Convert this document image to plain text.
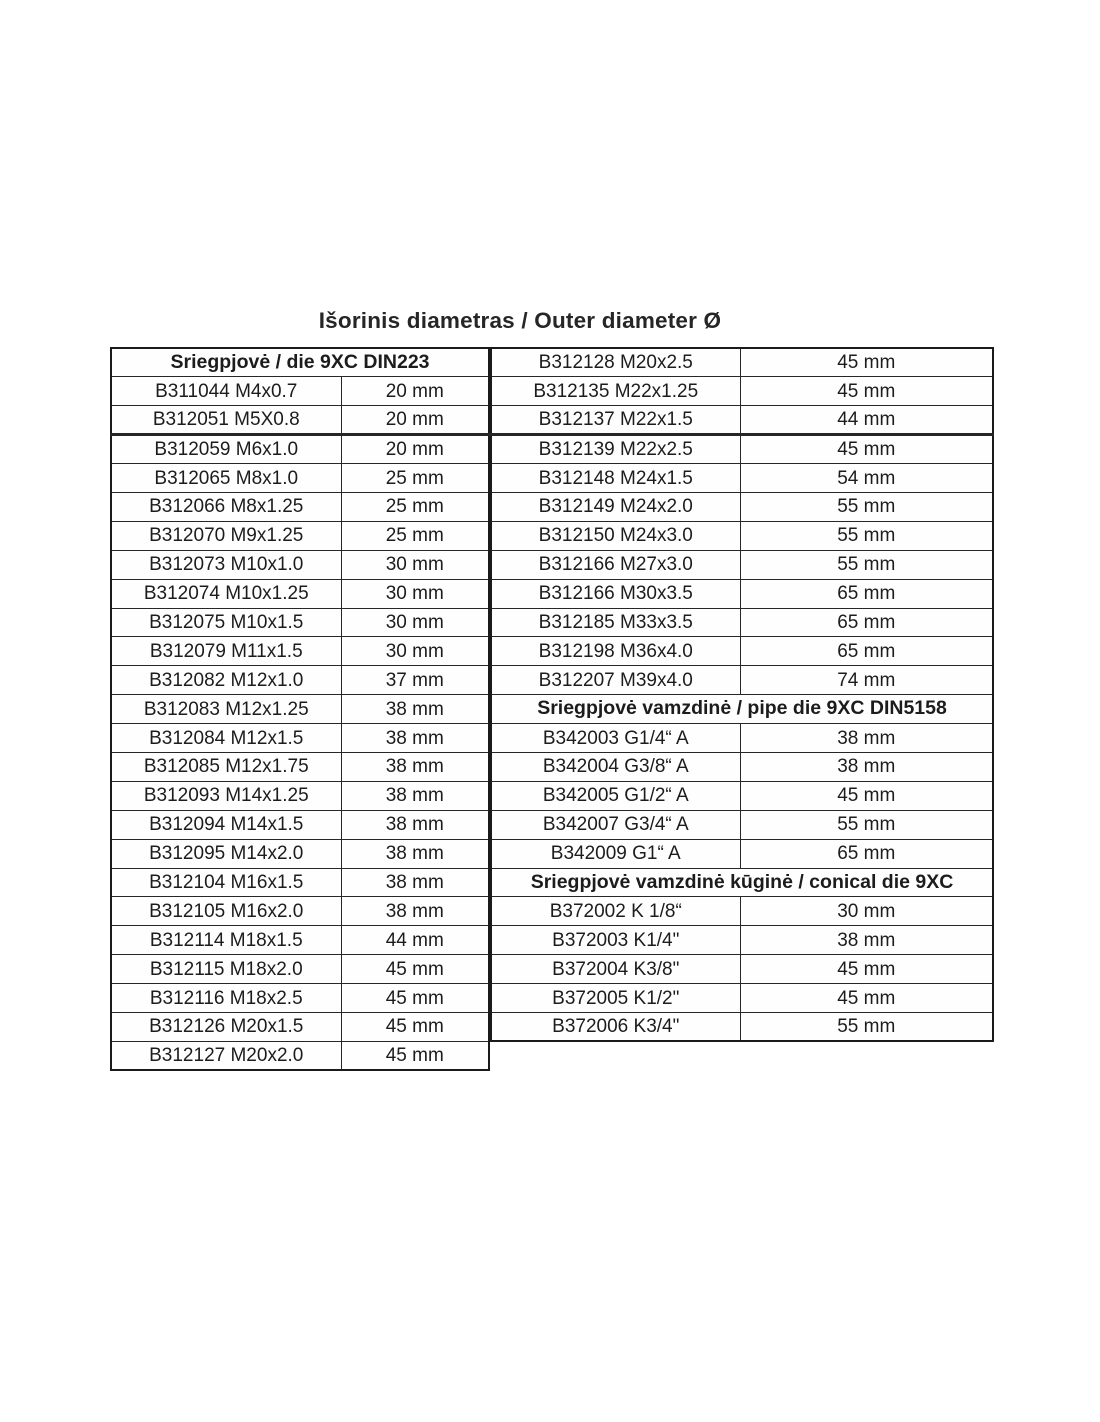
Išorinis diametras / Outer diameter Ø
Sriegpjovė / die 9XC DIN223	
B311044 M4x0.7	20 mm
B312051 M5X0.8	20 mm
B312059 M6x1.0	20 mm
B312065 M8x1.0	25 mm
B312066 M8x1.25	25 mm
B312070 M9x1.25	25 mm
B312073 M10x1.0	30 mm
B312074 M10x1.25	30 mm
B312075 M10x1.5	30 mm
B312079 M11x1.5	30 mm
B312082 M12x1.0	37 mm
B312083 M12x1.25	38 mm
B312084 M12x1.5	38 mm
B312085 M12x1.75	38 mm
B312093 M14x1.25	38 mm
B312094 M14x1.5	38 mm
B312095 M14x2.0	38 mm
B312104 M16x1.5	38 mm
B312105 M16x2.0	38 mm
B312114 M18x1.5	44 mm
B312115 M18x2.0	45 mm
B312116 M18x2.5	45 mm
B312126 M20x1.5	45 mm
B312127 M20x2.0	45 mm
B312128 M20x2.5	45 mm
B312135 M22x1.25	45 mm
B312137 M22x1.5	44 mm
B312139 M22x2.5	45 mm
B312148 M24x1.5	54 mm
B312149 M24x2.0	55 mm
B312150 M24x3.0	55 mm
B312166 M27x3.0	55 mm
B312166 M30x3.5	65 mm
B312185 M33x3.5	65 mm
B312198 M36x4.0	65 mm
B312207 M39x4.0	74 mm
Sriegpjovė vamzdinė / pipe die 9XC DIN5158	
B342003 G1/4“ A	38 mm
B342004 G3/8“ A	38 mm
B342005 G1/2“ A	45 mm
B342007 G3/4“ A	55 mm
B342009 G1“ A	65 mm
Sriegpjovė vamzdinė kūginė / conical die 9XC	
B372002 K 1/8“	30 mm
B372003 K1/4"	38 mm
B372004 K3/8"	45 mm
B372005 K1/2"	45 mm
B372006 K3/4"	55 mm
